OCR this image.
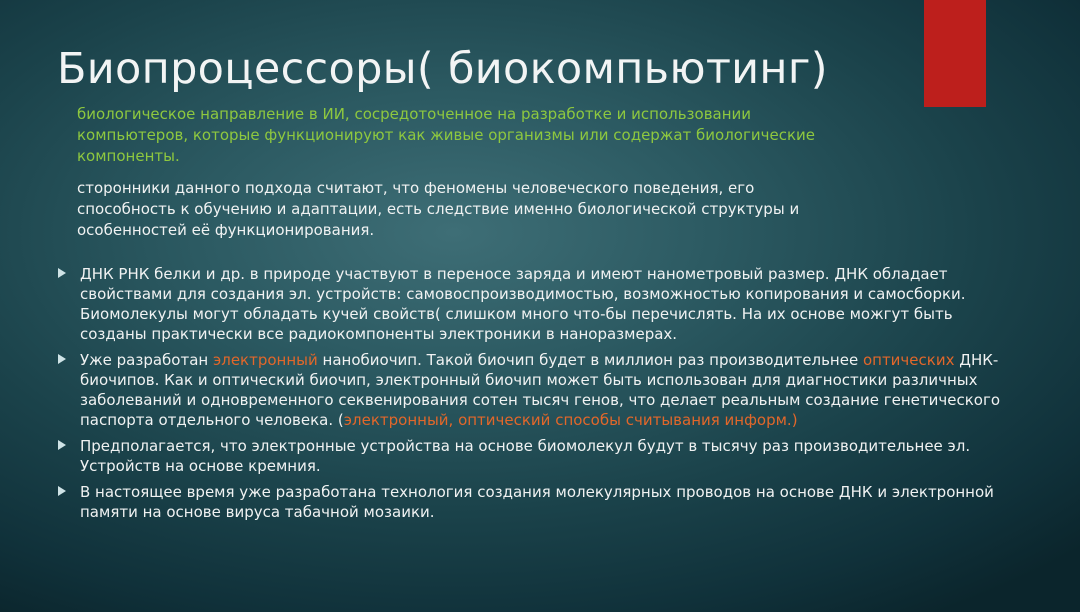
Биопроцессоры( биокомпьютинг)

биологическое направление в ИИ, сосредоточенное на разработке и использовании компьютеров, которые функционируют как живые организмы или содержат биологические компоненты.

сторонники данного подхода считают, что феномены человеческого поведения, его способность к обучению и адаптации, есть следствие именно биологической структуры и особенностей её функционирования.

ДНК РНК белки и др. в природе участвуют в переносе заряда и имеют нанометровый размер. ДНК обладает свойствами для создания эл. устройств: самовоспроизводимостью, возможностью копирования и самосборки. Биомолекулы могут обладать кучей свойств( слишком много что-бы перечислять. На их основе можгут быть созданы практически все радиокомпоненты электроники в наноразмерах.
Уже разработан электронный нанобиочип. Такой биочип будет в миллион раз производительнее оптических ДНК-биочипов. Как и оптический биочип, электронный биочип может быть использован для диагностики различных заболеваний и одновременного секвенирования сотен тысяч генов, что делает реальным создание генетического паспорта отдельного человека. (электронный, оптический способы считывания информ.)
Предполагается, что электронные устройства на основе биомолекул будут в тысячу раз производительнее эл. Устройств на основе кремния.
В настоящее время уже разработана технология создания молекулярных проводов на основе ДНК и электронной памяти на основе вируса табачной мозаики.
